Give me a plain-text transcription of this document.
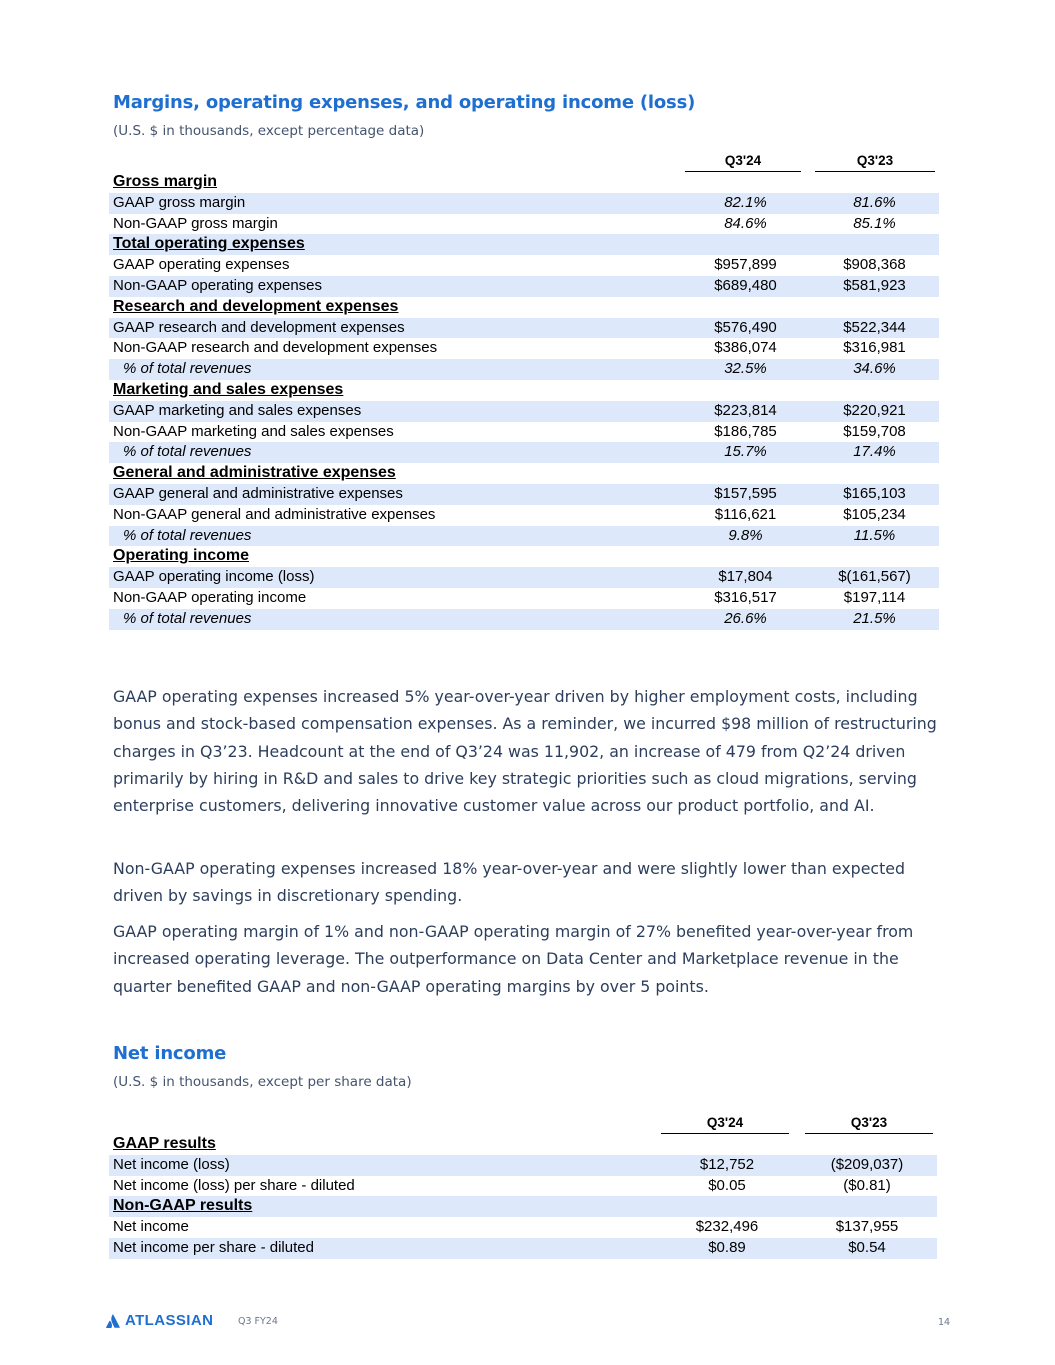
Margins, operating expenses, and operating income (loss)
(U.S. $ in thousands, except percentage data)

	Q3'24	Q3'23

Gross margin		
GAAP gross margin	82.1%	81.6%
Non-GAAP gross margin	84.6%	85.1%
Total operating expenses		
GAAP operating expenses	$957,899	$908,368
Non-GAAP operating expenses	$689,480	$581,923
Research and development expenses		
GAAP research and development expenses	$576,490	$522,344
Non-GAAP research and development expenses	$386,074	$316,981
% of total revenues	32.5%	34.6%
Marketing and sales expenses		
GAAP marketing and sales expenses	$223,814	$220,921
Non-GAAP marketing and sales expenses	$186,785	$159,708
% of total revenues	15.7%	17.4%
General and administrative expenses		
GAAP general and administrative expenses	$157,595	$165,103
Non-GAAP general and administrative expenses	$116,621	$105,234
% of total revenues	9.8%	11.5%
Operating income		
GAAP operating income (loss)	$17,804	$(161,567)
Non-GAAP operating income	$316,517	$197,114
% of total revenues	26.6%	21.5%

GAAP operating expenses increased 5% year-over-year driven by higher employment costs, including bonus and stock-based compensation expenses. As a reminder, we incurred $98 million of restructuring charges in Q3’23. Headcount at the end of Q3’24 was 11,902, an increase of 479 from Q2’24 driven primarily by hiring in R&D and sales to drive key strategic priorities such as cloud migrations, serving enterprise customers, delivering innovative customer value across our product portfolio, and AI.

Non-GAAP operating expenses increased 18% year-over-year and were slightly lower than expected driven by savings in discretionary spending.

GAAP operating margin of 1% and non-GAAP operating margin of 27% benefited year-over-year from increased operating leverage. The outperformance on Data Center and Marketplace revenue in the quarter benefited GAAP and non-GAAP operating margins by over 5 points.

Net income
(U.S. $ in thousands, except per share data)

	Q3'24	Q3'23

GAAP results		
Net income (loss)	$12,752	($209,037)
Net income (loss) per share - diluted	$0.05	($0.81)
Non-GAAP results		
Net income	$232,496	$137,955
Net income per share - diluted	$0.89	$0.54
ATLASSIAN	Q3 FY24	14
